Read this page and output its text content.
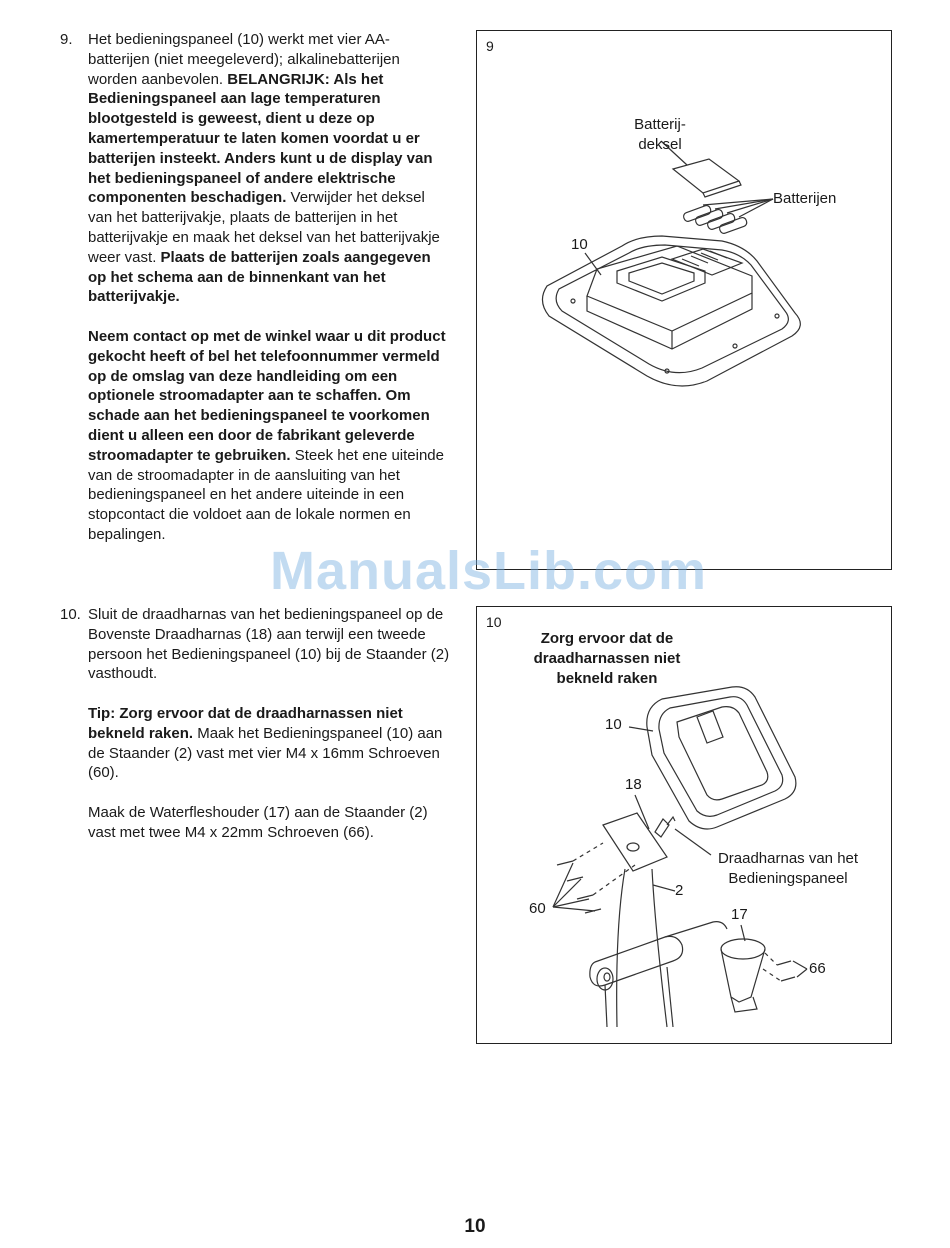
9. Het bedieningspaneel (10) werkt met vier AA-batterijen (niet meegeleverd); alkalinebatterijen worden aanbevolen. BELANGRIJK: Als het Bedieningspaneel aan lage temperaturen blootgesteld is geweest, dient u deze op kamertemperatuur te laten komen voordat u er batterijen insteekt. Anders kunt u de display van het bedieningspaneel of andere elektrische componenten beschadigen. Verwijder het deksel van het batterijvakje, plaats de batterijen in het batterijvakje en maak het deksel van het batterijvakje weer vast. Plaats de batterijen zoals aangegeven op het schema aan de binnenkant van het batterijvakje.

Neem contact op met de winkel waar u dit product gekocht heeft of bel het telefoonnummer vermeld op de omslag van deze handleiding om een optionele stroomadapter aan te schaffen. Om schade aan het bedieningspaneel te voorkomen dient u alleen een door de fabrikant geleverde stroomadapter te gebruiken. Steek het ene uiteinde van de stroomadapter in de aansluiting van het bedieningspaneel en het andere uiteinde in een stopcontact die voldoet aan de lokale normen en bepalingen.

10. Sluit de draadharnas van het bedieningspaneel op de Bovenste Draadharnas (18) aan terwijl een tweede persoon het Bedieningspaneel (10) bij de Staander (2) vasthoudt.

Tip: Zorg ervoor dat de draadharnassen niet bekneld raken. Maak het Bedieningspaneel (10) aan de Staander (2) vast met vier M4 x 16mm Schroeven (60).

Maak de Waterfleshouder (17) aan de Staander (2) vast met twee M4 x 22mm Schroeven (66).

9
Batterij-
deksel
Batterijen
10
10
Zorg ervoor dat de
draadharnassen niet
bekneld raken
10
18
Draadharnas van het
Bedieningspaneel
2
60	17
66
ManualsLib.com
10
